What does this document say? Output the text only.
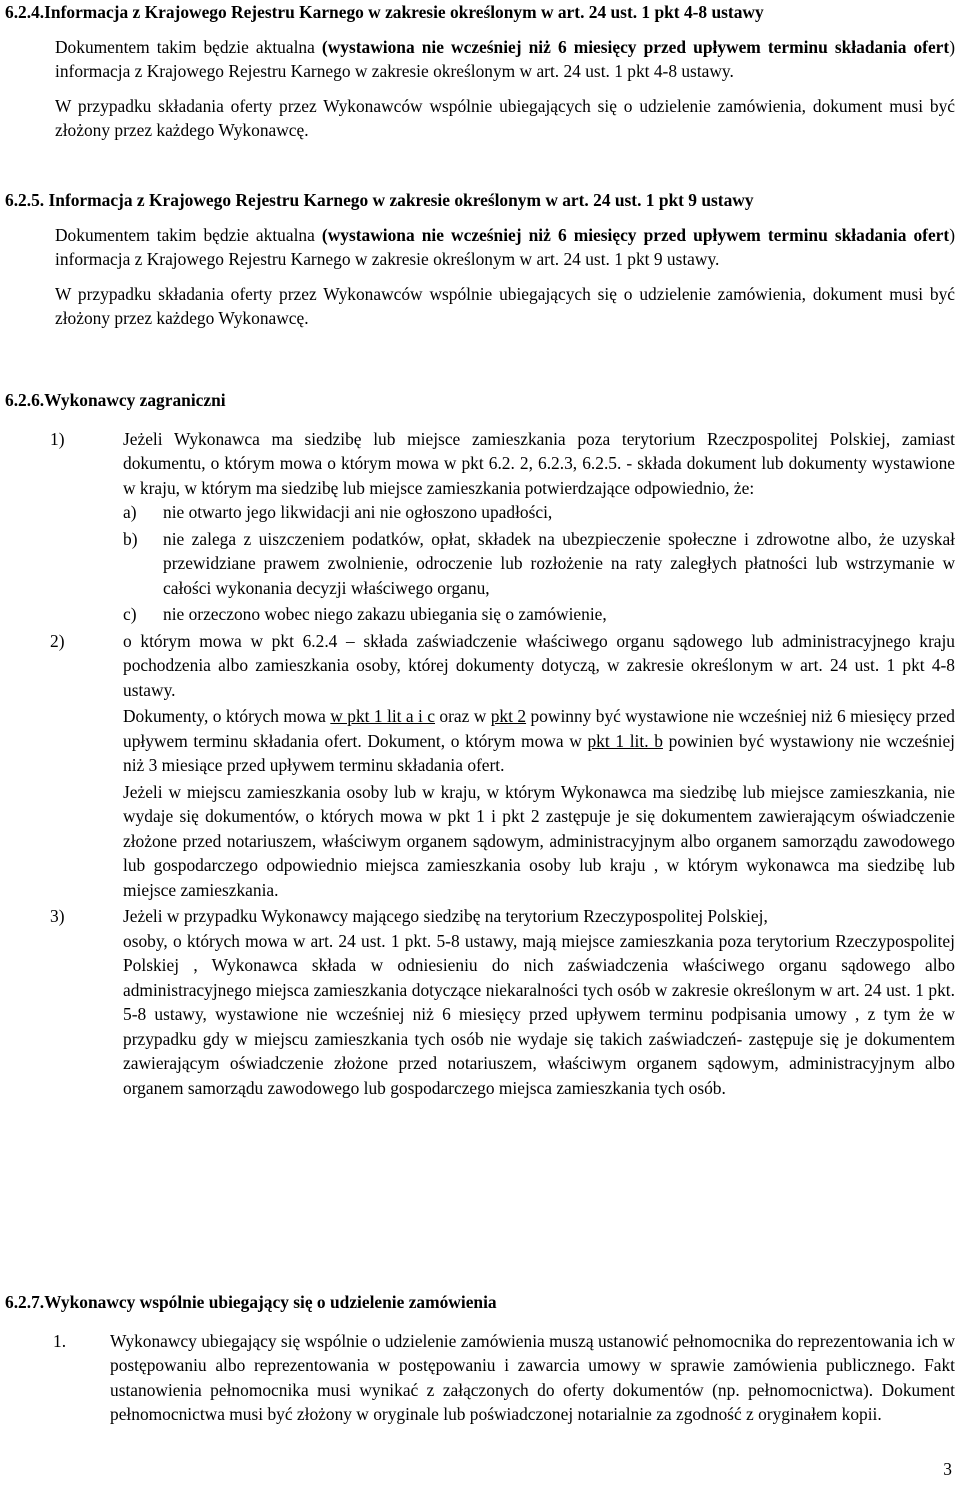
6.2.4.Informacja z Krajowego Rejestru Karnego w zakresie określonym w art. 24 ust. 1 pkt 4-8 ustawy

Dokumentem takim będzie aktualna (wystawiona nie wcześniej niż 6 miesięcy przed upływem terminu składania ofert) informacja z Krajowego Rejestru Karnego w zakresie określonym w art. 24 ust. 1 pkt 4-8 ustawy.

W przypadku składania oferty przez Wykonawców wspólnie ubiegających się o udzielenie zamówienia, dokument musi być złożony przez każdego Wykonawcę.

6.2.5. Informacja z Krajowego Rejestru Karnego w zakresie określonym w art. 24 ust. 1 pkt 9 ustawy

Dokumentem takim będzie aktualna (wystawiona nie wcześniej niż 6 miesięcy przed upływem terminu składania ofert) informacja z Krajowego Rejestru Karnego w zakresie określonym w art. 24 ust. 1 pkt 9 ustawy.

W przypadku składania oferty przez Wykonawców wspólnie ubiegających się o udzielenie zamówienia, dokument musi być złożony przez każdego Wykonawcę.

6.2.6.Wykonawcy zagraniczni

1)	Jeżeli Wykonawca ma siedzibę lub miejsce zamieszkania poza terytorium Rzeczpospolitej Polskiej, zamiast dokumentu, o którym mowa o którym mowa w pkt 6.2. 2, 6.2.3, 6.2.5. - składa dokument lub dokumenty wystawione w kraju, w którym ma siedzibę lub miejsce zamieszkania potwierdzające odpowiednio, że:
a) nie otwarto jego likwidacji ani nie ogłoszono upadłości,
b) nie zalega z uiszczeniem podatków, opłat, składek na ubezpieczenie społeczne i zdrowotne albo, że uzyskał przewidziane prawem zwolnienie, odroczenie lub rozłożenie na raty zaległych płatności lub wstrzymanie w całości wykonania decyzji właściwego organu,
c) nie orzeczono wobec niego zakazu ubiegania się o zamówienie,
2)	o którym mowa w pkt 6.2.4 – składa zaświadczenie właściwego organu sądowego lub administracyjnego kraju pochodzenia albo zamieszkania osoby, której dokumenty dotyczą, w zakresie określonym w art. 24 ust. 1 pkt 4-8 ustawy.

Dokumenty, o których mowa w pkt 1 lit a i c oraz w pkt 2 powinny być wystawione nie wcześniej niż 6 miesięcy przed upływem terminu składania ofert. Dokument, o którym mowa w pkt 1 lit. b powinien być wystawiony nie wcześniej niż 3 miesiące przed upływem terminu składania ofert.

Jeżeli w miejscu zamieszkania osoby lub w kraju, w którym Wykonawca ma siedzibę lub miejsce zamieszkania, nie wydaje się dokumentów, o których mowa w pkt 1 i pkt 2 zastępuje je się dokumentem zawierającym oświadczenie złożone przed notariuszem, właściwym organem sądowym, administracyjnym albo organem samorządu zawodowego lub gospodarczego odpowiednio miejsca zamieszkania osoby lub kraju , w którym wykonawca ma siedzibę lub miejsce zamieszkania.

3)	Jeżeli w przypadku Wykonawcy mającego siedzibę na terytorium Rzeczypospolitej Polskiej,

osoby, o których mowa w art. 24 ust. 1 pkt. 5-8 ustawy, mają miejsce zamieszkania poza terytorium Rzeczypospolitej Polskiej , Wykonawca składa w odniesieniu do nich zaświadczenia właściwego organu sądowego albo administracyjnego miejsca zamieszkania dotyczące niekaralności tych osób w zakresie określonym w art. 24 ust. 1 pkt. 5-8 ustawy, wystawione nie wcześniej niż 6 miesięcy przed upływem terminu podpisania umowy , z tym że w przypadku gdy w miejscu zamieszkania tych osób nie wydaje się takich zaświadczeń- zastępuje się je dokumentem zawierającym oświadczenie złożone przed notariuszem, właściwym organem sądowym, administracyjnym albo organem samorządu zawodowego lub gospodarczego miejsca zamieszkania tych osób.

6.2.7.Wykonawcy wspólnie ubiegający się o udzielenie zamówienia

1.	Wykonawcy ubiegający się wspólnie o udzielenie zamówienia muszą ustanowić pełnomocnika do reprezentowania ich w postępowaniu albo reprezentowania w postępowaniu i zawarcia umowy w sprawie zamówienia publicznego. Fakt ustanowienia pełnomocnika musi wynikać z załączonych do oferty dokumentów (np. pełnomocnictwa). Dokument pełnomocnictwa musi być złożony w oryginale lub poświadczonej notarialnie za zgodność z oryginałem kopii.
3
